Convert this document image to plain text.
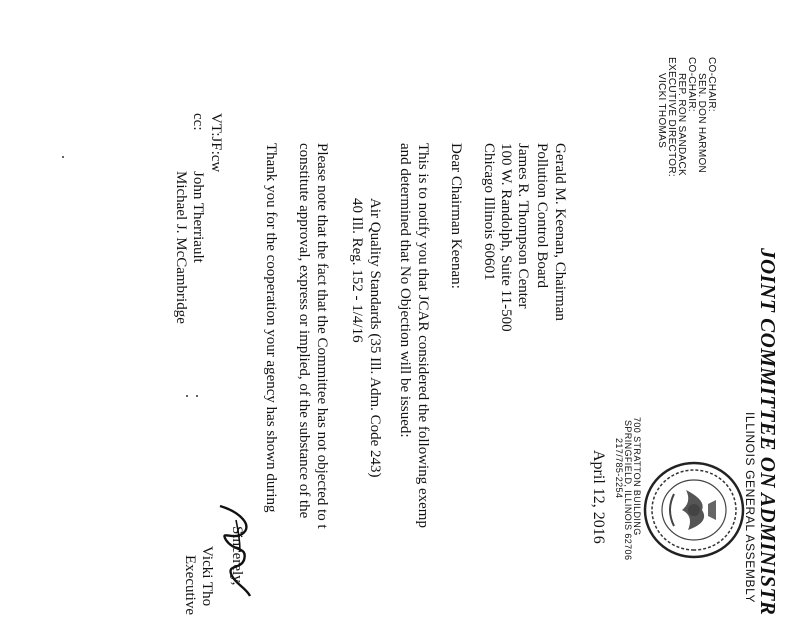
JOINT COMMITTEE ON ADMINISTR
ILLINOIS GENERAL ASSEMBLY
CO-CHAIR:
SEN. DON HARMON
CO-CHAIR:
REP. RON SANDACK
EXECUTIVE DIRECTOR:
VICKI THOMAS
700 STRATTON BUILDING
SPRINGFIELD, ILLINOIS 62706
217/785-2254
April 12, 2016
Gerald M. Keenan, Chairman
Pollution Control Board
James R. Thompson Center
100 W. Randolph, Suite 11-500
Chicago Illinois 60601
Dear Chairman Keenan:
This is to notify you that JCAR considered the following exemp
and determined that No Objection will be issued:
Air Quality Standards (35 Ill. Adm. Code 243)
40 Ill. Reg. 152 - 1/4/16
Please note that the fact that the Committee has not objected to t
constitute approval, express or implied, of the substance of the
Thank you for the cooperation your agency has shown during
Sincerely,
Vicki Tho
Executive
VT:JF:cw
cc:
John Therriault
Michael J. McCambridge
